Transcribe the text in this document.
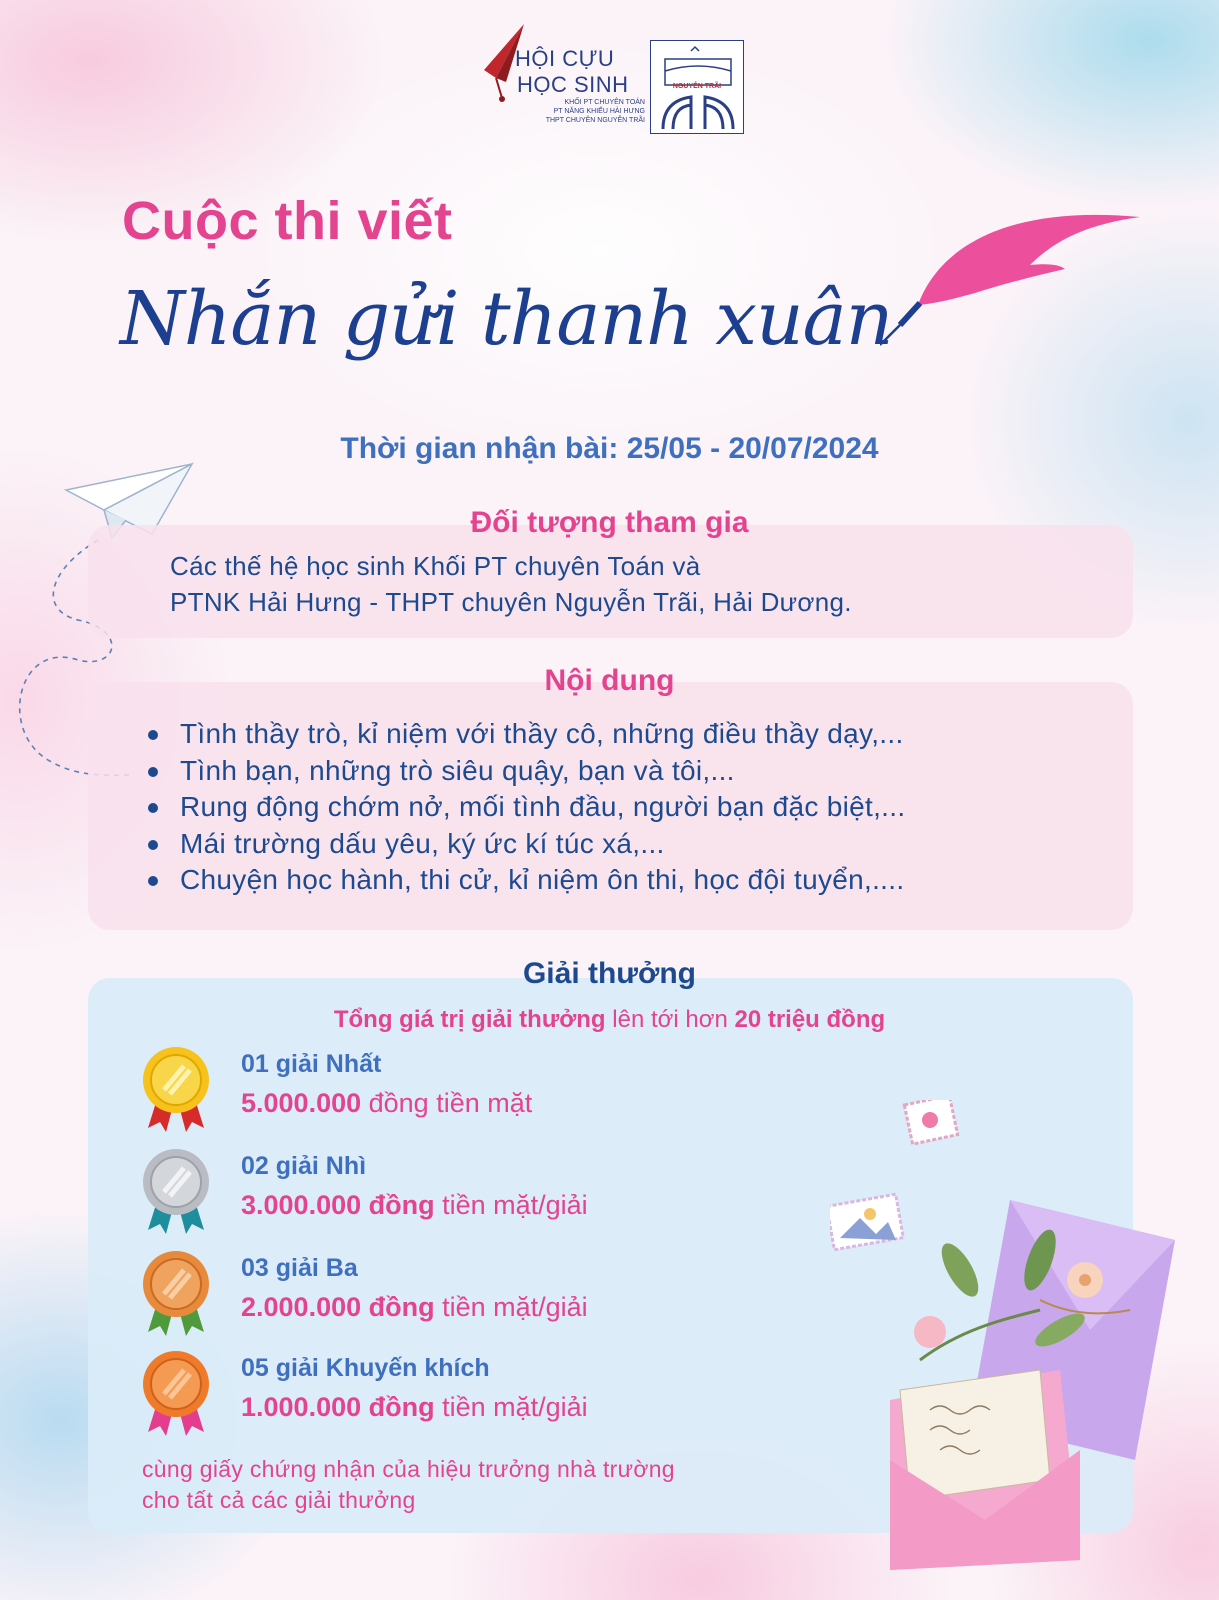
HỘI CỰU
HỌC SINH
KHỐI PT CHUYÊN TOÁN
PT NĂNG KHIẾU HẢI HƯNG
THPT CHUYÊN NGUYỄN TRÃI
NGUYỄN TRÃI
Cuộc thi viết
Nhắn gửi thanh xuân
Thời gian nhận bài: 25/05 - 20/07/2024
Đối tượng tham gia
Các thế hệ học sinh Khối PT chuyên Toán và
PTNK Hải Hưng - THPT chuyên Nguyễn Trãi, Hải Dương.
Nội dung
Tình thầy trò, kỉ niệm với thầy cô, những điều thầy dạy,...
Tình bạn, những trò siêu quậy, bạn và tôi,...
Rung động chớm nở, mối tình đầu, người bạn đặc biệt,...
Mái trường dấu yêu, ký ức kí túc xá,...
Chuyện học hành, thi cử, kỉ niệm ôn thi, học đội tuyển,....
Giải thưởng
Tổng giá trị giải thưởng lên tới hơn 20 triệu đồng
01 giải Nhất
5.000.000 đồng tiền mặt
02 giải Nhì
3.000.000 đồng tiền mặt/giải
03 giải Ba
2.000.000 đồng tiền mặt/giải
05 giải Khuyến khích
1.000.000 đồng tiền mặt/giải
cùng giấy chứng nhận của hiệu trưởng nhà trường
cho tất cả các giải thưởng
